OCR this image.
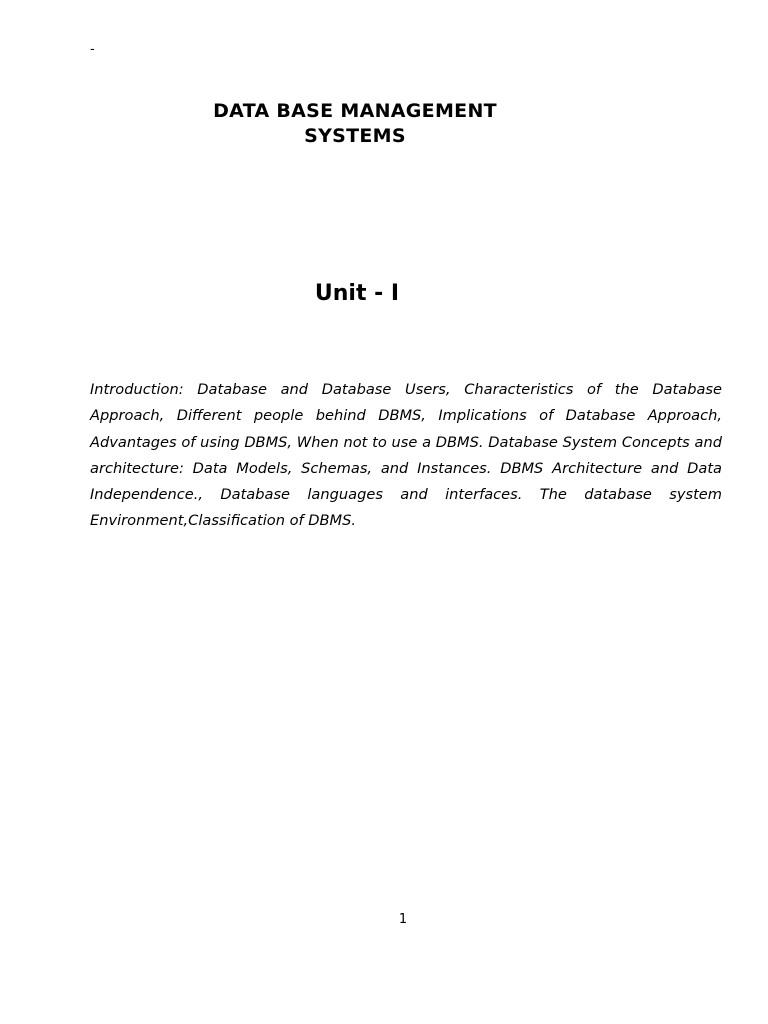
-
DATA BASE MANAGEMENT
SYSTEMS
Unit - I

Introduction: Database and Database Users, Characteristics of the Database Approach, Different people behind DBMS, Implications of Database Approach, Advantages of using DBMS, When not to use a DBMS. Database System Concepts and architecture: Data Models, Schemas, and Instances. DBMS Architecture and Data Independence., Database languages and interfaces. The database system Environment,Classification of DBMS.

1
